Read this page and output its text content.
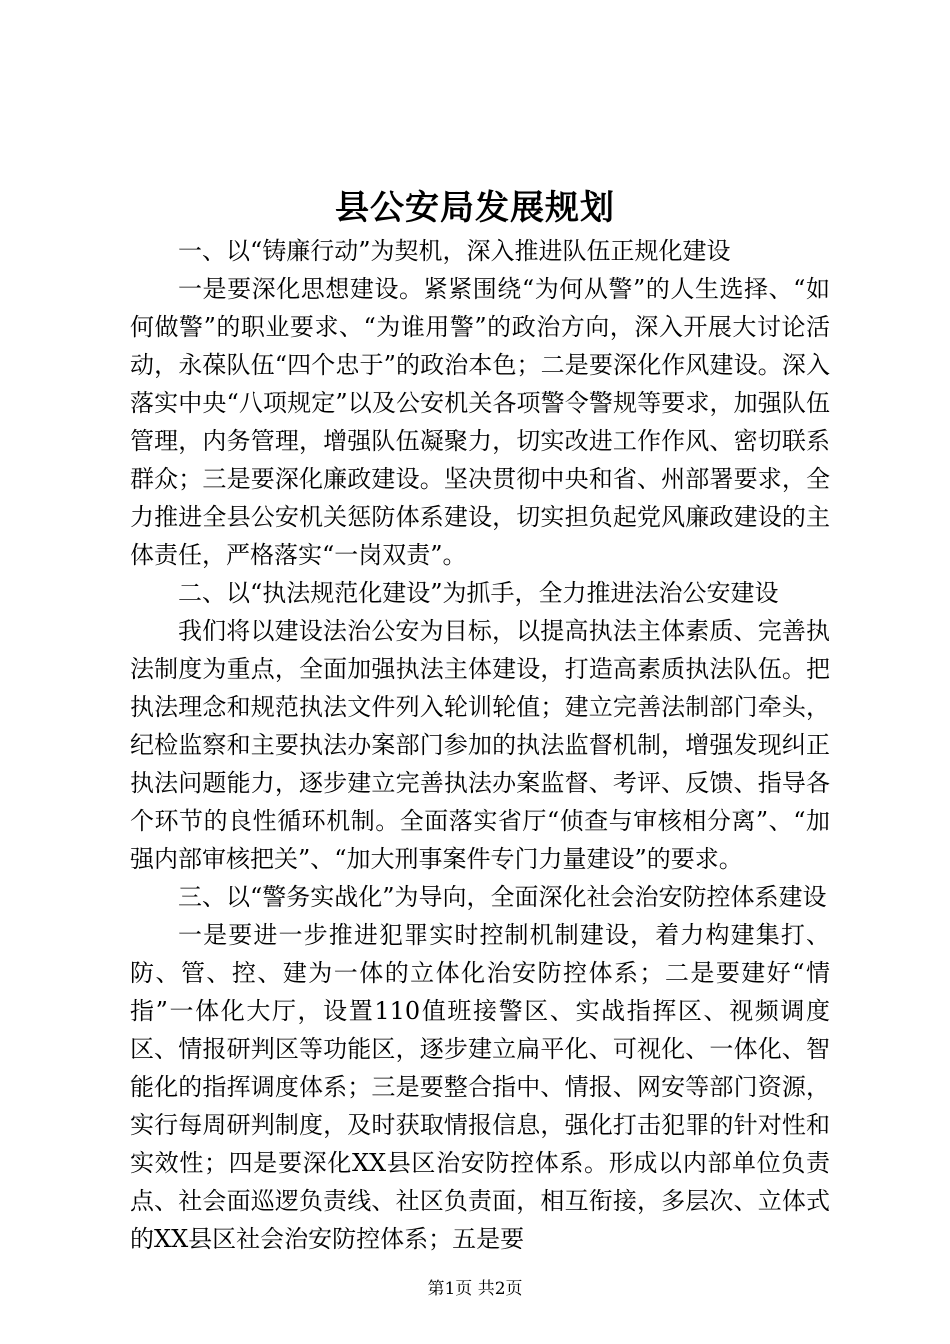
县公安局发展规划

一、以“铸廉行动”为契机，深入推进队伍正规化建设

一是要深化思想建设。紧紧围绕“为何从警”的人生选择、“如何做警”的职业要求、“为谁用警”的政治方向，深入开展大讨论活动，永葆队伍“四个忠于”的政治本色；二是要深化作风建设。深入落实中央“八项规定”以及公安机关各项警令警规等要求，加强队伍管理，内务管理，增强队伍凝聚力，切实改进工作作风、密切联系群众；三是要深化廉政建设。坚决贯彻中央和省、州部署要求，全力推进全县公安机关惩防体系建设，切实担负起党风廉政建设的主体责任，严格落实“一岗双责”。

二、以“执法规范化建设”为抓手，全力推进法治公安建设

我们将以建设法治公安为目标，以提高执法主体素质、完善执法制度为重点，全面加强执法主体建设，打造高素质执法队伍。把执法理念和规范执法文件列入轮训轮值；建立完善法制部门牵头，纪检监察和主要执法办案部门参加的执法监督机制，增强发现纠正执法问题能力，逐步建立完善执法办案监督、考评、反馈、指导各个环节的良性循环机制。全面落实省厅“侦查与审核相分离”、“加强内部审核把关”、“加大刑事案件专门力量建设”的要求。

三、以“警务实战化”为导向，全面深化社会治安防控体系建设

一是要进一步推进犯罪实时控制机制建设，着力构建集打、防、管、控、建为一体的立体化治安防控体系；二是要建好“情指”一体化大厅，设置110值班接警区、实战指挥区、视频调度区、情报研判区等功能区，逐步建立扁平化、可视化、一体化、智能化的指挥调度体系；三是要整合指中、情报、网安等部门资源，实行每周研判制度，及时获取情报信息，强化打击犯罪的针对性和实效性；四是要深化XX县区治安防控体系。形成以内部单位负责点、社会面巡逻负责线、社区负责面，相互衔接，多层次、立体式的XX县区社会治安防控体系；五是要

第1页 共2页
